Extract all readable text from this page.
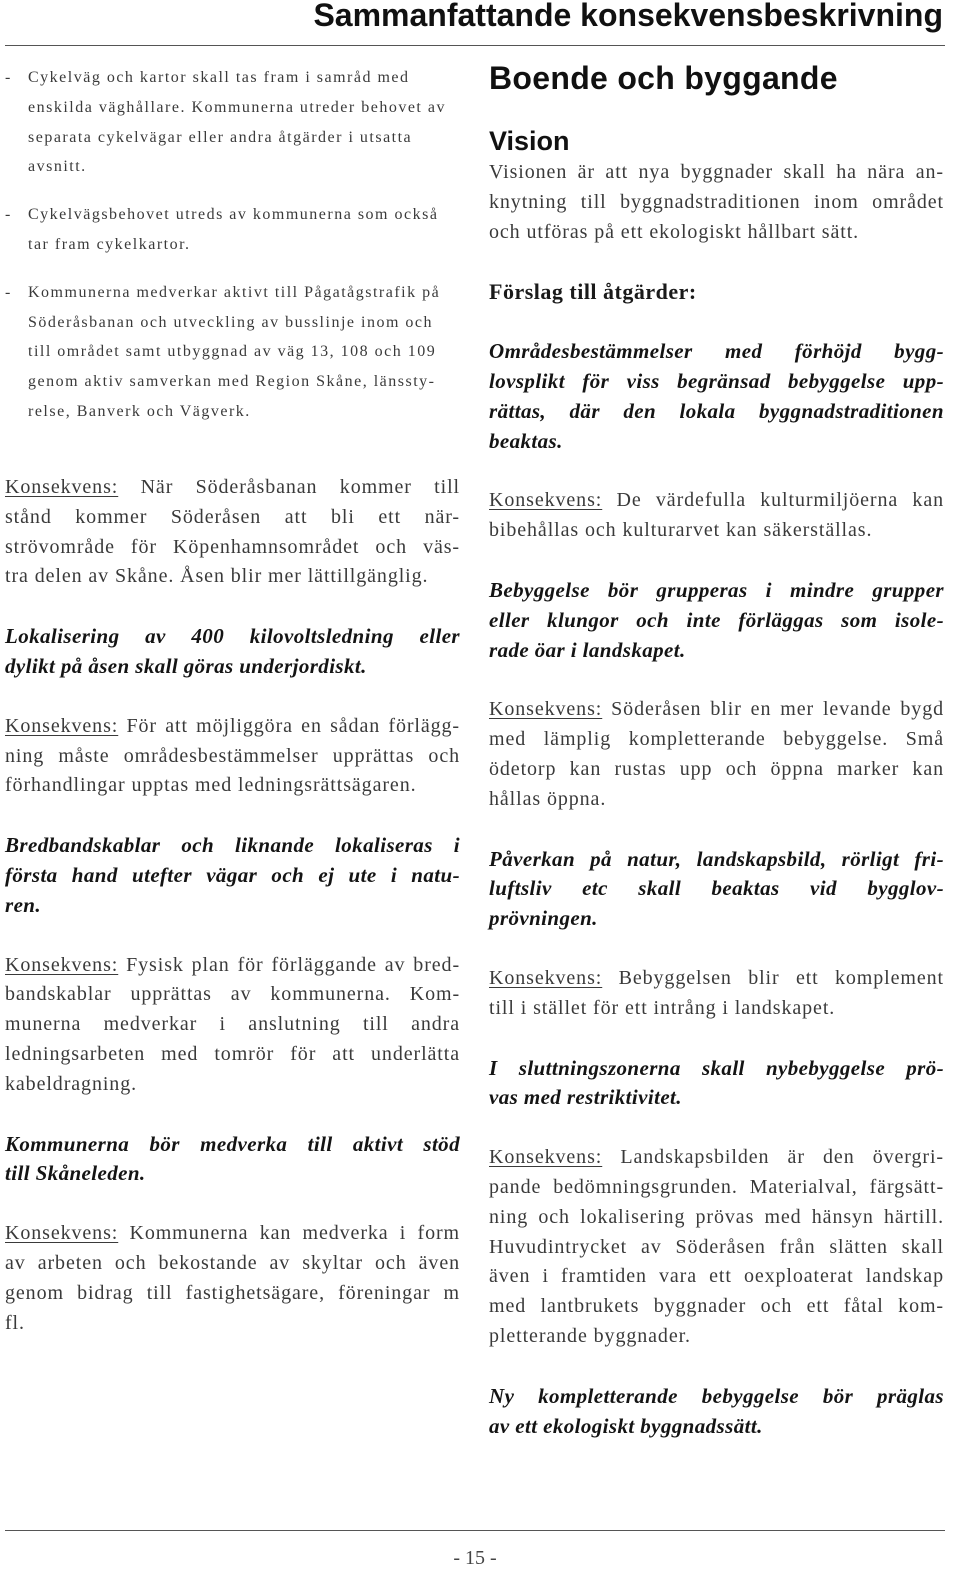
Sammanfattande konsekvensbeskrivning
- Cykelväg och kartor skall tas fram i samråd med
enskilda väghållare. Kommunerna utreder behovet av
separata cykelvägar eller andra åtgärder i utsatta
avsnitt.
- Cykelvägsbehovet utreds av kommunerna som också
tar fram cykelkartor.
- Kommunerna medverkar aktivt till Pågatågstrafik på
Söderåsbanan och utveckling av busslinje inom och
till området samt utbyggnad av väg 13, 108 och 109
genom aktiv samverkan med Region Skåne, länssty-
relse, Banverk och Vägverk.
Konsekvens: När Söderåsbanan kommer till
stånd kommer Söderåsen att bli ett när-
strövområde för Köpenhamnsområdet och väs-
tra delen av Skåne. Åsen blir mer lättillgänglig.
Lokalisering av 400 kilovoltsledning eller
dylikt på åsen skall göras underjordiskt.
Konsekvens: För att möjliggöra en sådan förlägg-
ning måste områdesbestämmelser upprättas och
förhandlingar upptas med ledningsrättsägaren.
Bredbandskablar och liknande lokaliseras i
första hand utefter vägar och ej ute i natu-
ren.
Konsekvens: Fysisk plan för förläggande av bred-
bandskablar upprättas av kommunerna. Kom-
munerna medverkar i anslutning till andra
ledningsarbeten med tomrör för att underlätta
kabeldragning.
Kommunerna bör medverka till aktivt stöd
till Skåneleden.
Konsekvens: Kommunerna kan medverka i form
av arbeten och bekostande av skyltar och även
genom bidrag till fastighetsägare, föreningar m
fl.
Boende och byggande
Vision
Visionen är att nya byggnader skall ha nära an-
knytning till byggnadstraditionen inom området
och utföras på ett ekologiskt hållbart sätt.
Förslag till åtgärder:
Områdesbestämmelser med förhöjd bygg-
lovsplikt för viss begränsad bebyggelse upp-
rättas, där den lokala byggnadstraditionen
beaktas.
Konsekvens: De värdefulla kulturmiljöerna kan
bibehållas och kulturarvet kan säkerställas.
Bebyggelse bör grupperas i mindre grupper
eller klungor och inte förläggas som isole-
rade öar i landskapet.
Konsekvens: Söderåsen blir en mer levande bygd
med lämplig kompletterande bebyggelse. Små
ödetorp kan rustas upp och öppna marker kan
hållas öppna.
Påverkan på natur, landskapsbild, rörligt fri-
luftsliv etc skall beaktas vid bygglov-
prövningen.
Konsekvens: Bebyggelsen blir ett komplement
till i stället för ett intrång i landskapet.
I sluttningszonerna skall nybebyggelse prö-
vas med restriktivitet.
Konsekvens: Landskapsbilden är den övergri-
pande bedömningsgrunden. Materialval, färgsätt-
ning och lokalisering prövas med hänsyn härtill.
Huvudintrycket av Söderåsen från slätten skall
även i framtiden vara ett oexploaterat landskap
med lantbrukets byggnader och ett fåtal kom-
pletterande byggnader.
Ny kompletterande bebyggelse bör präglas
av ett ekologiskt byggnadssätt.
- 15 -
